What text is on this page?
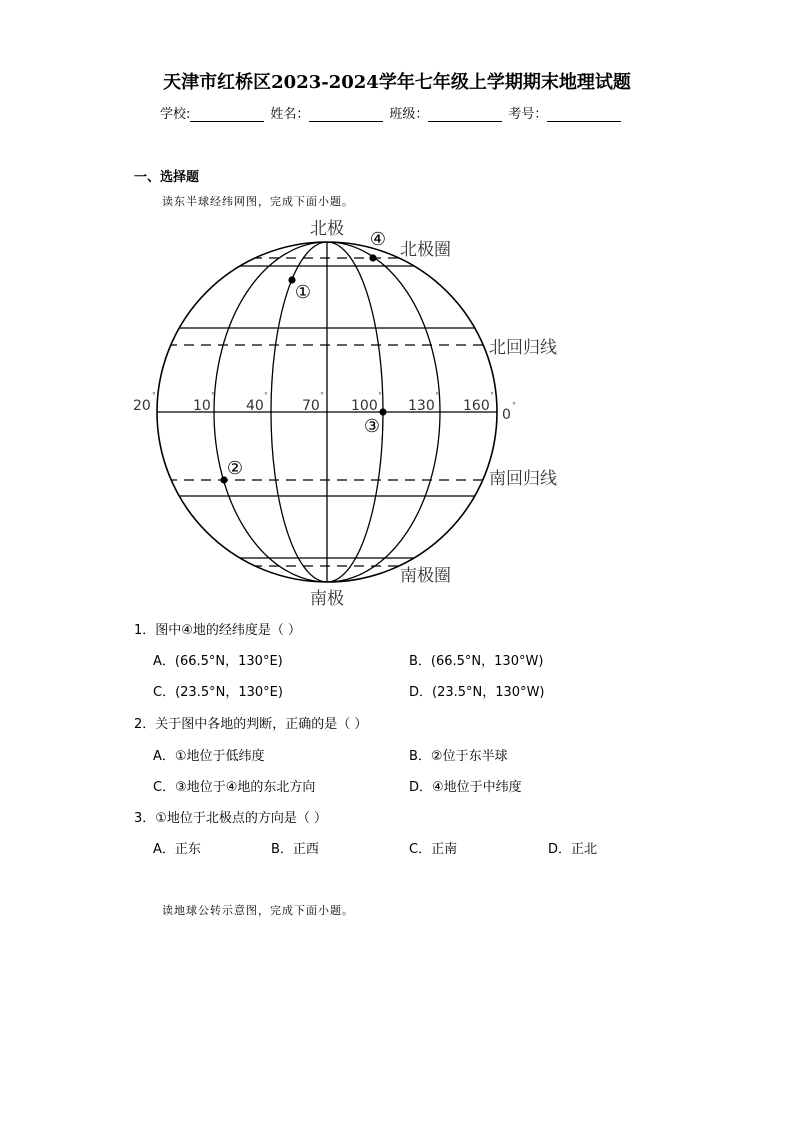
天津市红桥区2023-2024学年七年级上学期期末地理试题
学校:	姓名：	班级：	考号：
一、选择题
读东半球经纬网图，完成下面小题。
北极
南极
北极圈
南极圈
北回归线
南回归线
①
②
③
④
20	10	40	70 100 130 160
0
°	°	°	°	°	°	°
°
1．图中④地的经纬度是（ ）
A．(66.5°N，130°E)	B．(66.5°N，130°W)
C．(23.5°N，130°E)	D．(23.5°N，130°W)
2．关于图中各地的判断，正确的是（ ）
A．①地位于低纬度	B．②位于东半球
C．③地位于④地的东北方向	D．④地位于中纬度
3．①地位于北极点的方向是（ ）
A．正东	B．正西	C．正南	D．正北
读地球公转示意图，完成下面小题。
